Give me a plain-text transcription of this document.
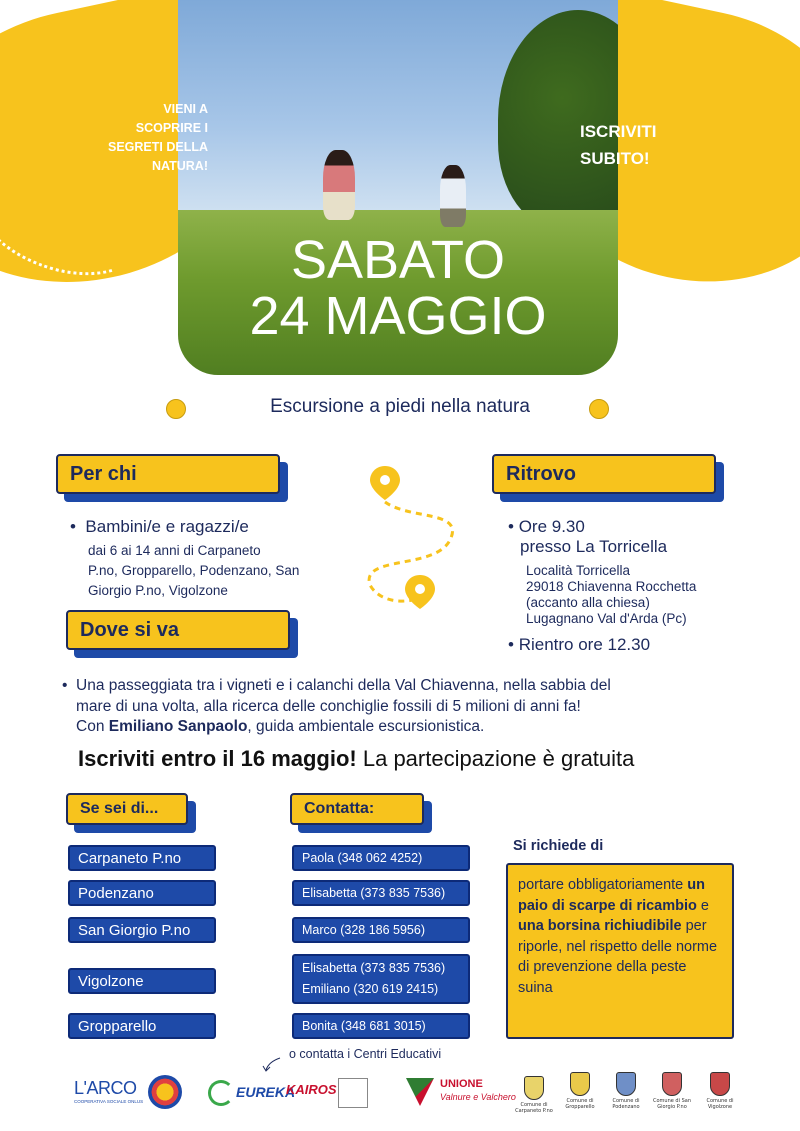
VIENI A
SCOPRIRE I
SEGRETI DELLA
NATURA!
ISCRIVITI
SUBITO!
SABATO
24 MAGGIO
Escursione a piedi nella natura
Per chi
•  Bambini/e e ragazzi/e
dai 6 ai 14 anni di Carpaneto
P.no, Gropparello, Podenzano, San
Giorgio P.no, Vigolzone
Ritrovo
• Ore 9.30
presso La Torricella
Località Torricella
29018 Chiavenna Rocchetta
(accanto alla chiesa)
Lugagnano Val d'Arda (Pc)
• Rientro ore 12.30
Dove si va
•  Una passeggiata tra i vigneti e i calanchi della Val Chiavenna, nella sabbia del
mare di una volta, alla ricerca delle conchiglie fossili di 5 milioni di anni fa!
Con Emiliano Sanpaolo, guida ambientale escursionistica.
Iscriviti entro il 16 maggio! La partecipazione è gratuita
Se sei di...
Carpaneto P.no
Podenzano
San Giorgio P.no
Vigolzone
Gropparello
Contatta:
Paola (348 062 4252)
Elisabetta (373 835 7536)
Marco (328 186 5956)
Elisabetta (373 835 7536)
Emiliano (320 619 2415)
Bonita (348 681 3015)
o contatta i Centri Educativi
Si richiede di
portare obbligatoriamente un paio di scarpe di ricambio e una borsina richiudibile per riporle, nel rispetto delle norme di prevenzione della peste suina
L'ARCO
COOPERATIVA SOCIALE ONLUS
EUREKA
KAIROS	UNIONE
Valnure e Valchero
Comune di Carpaneto P.no
Comune di Gropparello
Comune di Podenzano
Comune di San Giorgio P.no
Comune di Vigolzone
